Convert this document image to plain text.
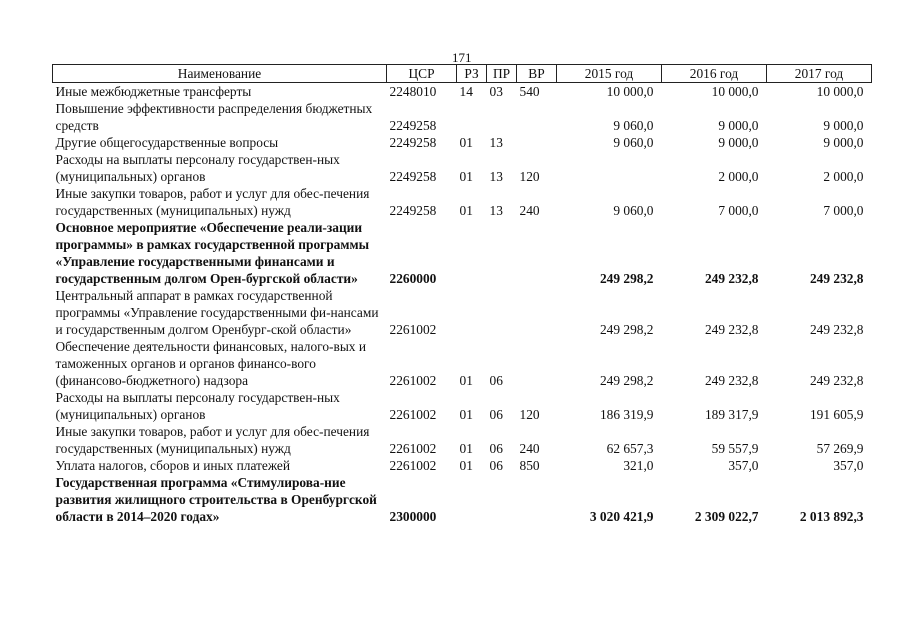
171
Наименование	ЦСР	РЗ	ПР	ВР	2015 год	2016 год	2017 год
Иные межбюджетные трансферты	2248010	14	03	540	10 000,0	10 000,0	10 000,0
Повышение эффективности распределения бюджетных средств	2249258				9 060,0	9 000,0	9 000,0
Другие общегосударственные вопросы	2249258	01	13		9 060,0	9 000,0	9 000,0
Расходы на выплаты персоналу государствен-ных (муниципальных) органов	2249258	01	13	120		2 000,0	2 000,0
Иные закупки товаров, работ и услуг для обес-печения государственных (муниципальных) нужд	2249258	01	13	240	9 060,0	7 000,0	7 000,0
Основное мероприятие «Обеспечение реали-зации программы» в рамках государственной программы «Управление государственными финансами и государственным долгом Орен-бургской области»	2260000				249 298,2	249 232,8	249 232,8
Центральный аппарат в рамках государственной программы «Управление государственными фи-нансами и государственным долгом Оренбург-ской области»	2261002				249 298,2	249 232,8	249 232,8
Обеспечение деятельности финансовых, налого-вых и таможенных органов и органов финансо-вого (финансово-бюджетного) надзора	2261002	01	06		249 298,2	249 232,8	249 232,8
Расходы на выплаты персоналу государствен-ных (муниципальных) органов	2261002	01	06	120	186 319,9	189 317,9	191 605,9
Иные закупки товаров, работ и услуг для обес-печения государственных (муниципальных) нужд	2261002	01	06	240	62 657,3	59 557,9	57 269,9
Уплата налогов, сборов и иных платежей	2261002	01	06	850	321,0	357,0	357,0
Государственная программа «Стимулирова-ние развития жилищного строительства в Оренбургской области в 2014–2020 годах»	2300000				3 020 421,9	2 309 022,7	2 013 892,3
